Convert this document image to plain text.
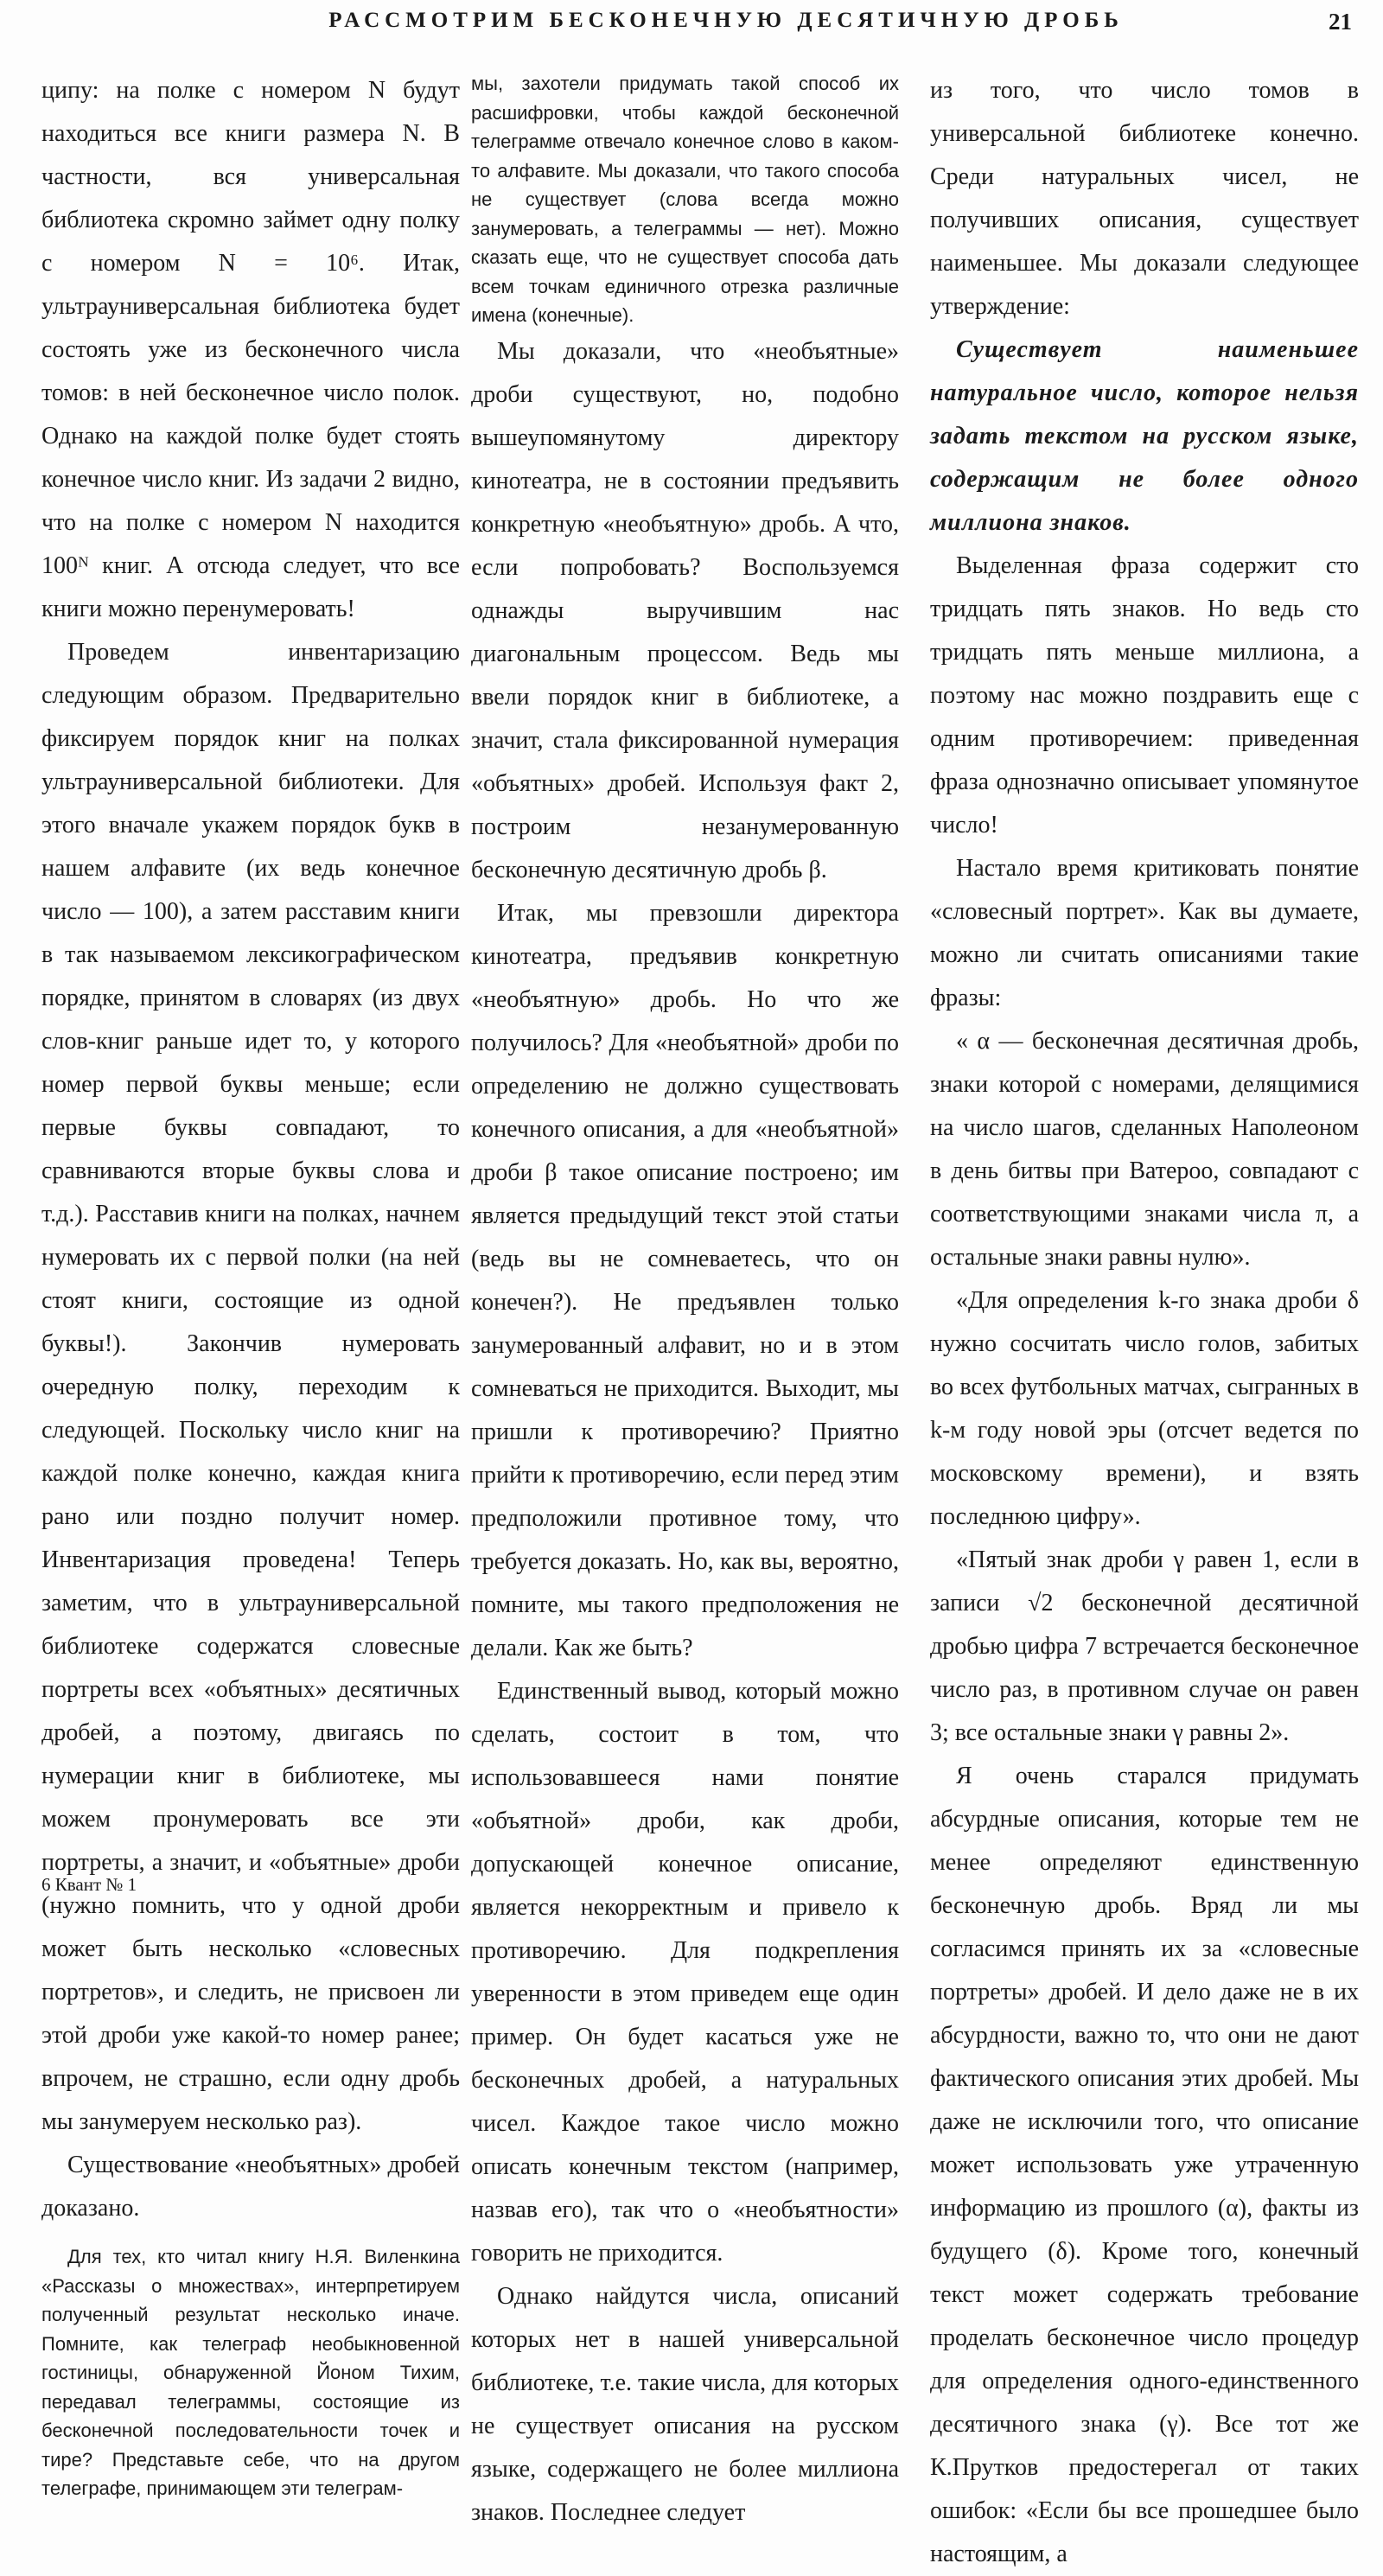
РАССМОТРИМ БЕСКОНЕЧНУЮ ДЕСЯТИЧНУЮ ДРОБЬ	21

ципу: на полке с номером N будут находиться все книги размера N. В частности, вся универсальная библиотека скромно займет одну полку с номером N = 10⁶. Итак, ультрауниверсальная библиотека будет состоять уже из бесконечного числа томов: в ней бесконечное число полок. Однако на каждой полке будет стоять конечное число книг. Из задачи 2 видно, что на полке с номером N находится 100ᴺ книг. А отсюда следует, что все книги можно перенумеровать!

Проведем инвентаризацию следующим образом. Предварительно фиксируем порядок книг на полках ультрауниверсальной библиотеки. Для этого вначале укажем порядок букв в нашем алфавите (их ведь конечное число — 100), а затем расставим книги в так называемом лексикографическом порядке, принятом в словарях (из двух слов-книг раньше идет то, у которого номер первой буквы меньше; если первые буквы совпадают, то сравниваются вторые буквы слова и т.д.). Расставив книги на полках, начнем нумеровать их с первой полки (на ней стоят книги, состоящие из одной буквы!). Закончив нумеровать очередную полку, переходим к следующей. Поскольку число книг на каждой полке конечно, каждая книга рано или поздно получит номер. Инвентаризация проведена! Теперь заметим, что в ультрауниверсальной библиотеке содержатся словесные портреты всех «объятных» десятичных дробей, а поэтому, двигаясь по нумерации книг в библиотеке, мы можем пронумеровать все эти портреты, а значит, и «объятные» дроби (нужно помнить, что у одной дроби может быть несколько «словесных портретов», и следить, не присвоен ли этой дроби уже какой-то номер ранее; впрочем, не страшно, если одну дробь мы занумеруем несколько раз).

Существование «необъятных» дробей доказано.

Для тех, кто читал книгу Н.Я. Виленкина «Рассказы о множествах», интерпретируем полученный результат несколько иначе. Помните, как телеграф необыкновенной гостиницы, обнаруженной Йоном Тихим, передавал телеграммы, состоящие из бесконечной последовательности точек и тире? Представьте себе, что на другом телеграфе, принимающем эти телеграм-

мы, захотели придумать такой способ их расшифровки, чтобы каждой бесконечной телеграмме отвечало конечное слово в каком-то алфавите. Мы доказали, что такого способа не существует (слова всегда можно занумеровать, а телеграммы — нет). Можно сказать еще, что не существует способа дать всем точкам единичного отрезка различные имена (конечные).

Мы доказали, что «необъятные» дроби существуют, но, подобно вышеупомянутому директору кинотеатра, не в состоянии предъявить конкретную «необъятную» дробь. А что, если попробовать? Воспользуемся однажды выручившим нас диагональным процессом. Ведь мы ввели порядок книг в библиотеке, а значит, стала фиксированной нумерация «объятных» дробей. Используя факт 2, построим незанумерованную бесконечную десятичную дробь β.

Итак, мы превзошли директора кинотеатра, предъявив конкретную «необъятную» дробь. Но что же получилось? Для «необъятной» дроби по определению не должно существовать конечного описания, а для «необъятной» дроби β такое описание построено; им является предыдущий текст этой статьи (ведь вы не сомневаетесь, что он конечен?). Не предъявлен только занумерованный алфавит, но и в этом сомневаться не приходится. Выходит, мы пришли к противоречию? Приятно прийти к противоречию, если перед этим предположили противное тому, что требуется доказать. Но, как вы, вероятно, помните, мы такого предположения не делали. Как же быть?

Единственный вывод, который можно сделать, состоит в том, что использовавшееся нами понятие «объятной» дроби, как дроби, допускающей конечное описание, является некорректным и привело к противоречию. Для подкрепления уверенности в этом приведем еще один пример. Он будет касаться уже не бесконечных дробей, а натуральных чисел. Каждое такое число можно описать конечным текстом (например, назвав его), так что о «необъятности» говорить не приходится.

Однако найдутся числа, описаний которых нет в нашей универсальной библиотеке, т.е. такие числа, для которых не существует описания на русском языке, содержащего не более миллиона знаков. Последнее следует

из того, что число томов в универсальной библиотеке конечно. Среди натуральных чисел, не получивших описания, существует наименьшее. Мы доказали следующее утверждение:

Существует наименьшее натуральное число, которое нельзя задать текстом на русском языке, содержащим не более одного миллиона знаков.

Выделенная фраза содержит сто тридцать пять знаков. Но ведь сто тридцать пять меньше миллиона, а поэтому нас можно поздравить еще с одним противоречием: приведенная фраза однозначно описывает упомянутое число!

Настало время критиковать понятие «словесный портрет». Как вы думаете, можно ли считать описаниями такие фразы:

« α — бесконечная десятичная дробь, знаки которой с номерами, делящимися на число шагов, сделанных Наполеоном в день битвы при Ватероо, совпадают с соответствующими знаками числа π, а остальные знаки равны нулю».

«Для определения k-го знака дроби δ нужно сосчитать число голов, забитых во всех футбольных матчах, сыгранных в k-м году новой эры (отсчет ведется по московскому времени), и взять последнюю цифру».

«Пятый знак дроби γ равен 1, если в записи √2 бесконечной десятичной дробью цифра 7 встречается бесконечное число раз, в противном случае он равен 3; все остальные знаки γ равны 2».

Я очень старался придумать абсурдные описания, которые тем не менее определяют единственную бесконечную дробь. Вряд ли мы согласимся принять их за «словесные портреты» дробей. И дело даже не в их абсурдности, важно то, что они не дают фактического описания этих дробей. Мы даже не исключили того, что описание может использовать уже утраченную информацию из прошлого (α), факты из будущего (δ). Кроме того, конечный текст может содержать требование проделать бесконечное число процедур для определения одного-единственного десятичного знака (γ). Все тот же К.Прутков предостерегал от таких ошибок: «Если бы все прошедшее было настоящим, а

6 Квант № 1
